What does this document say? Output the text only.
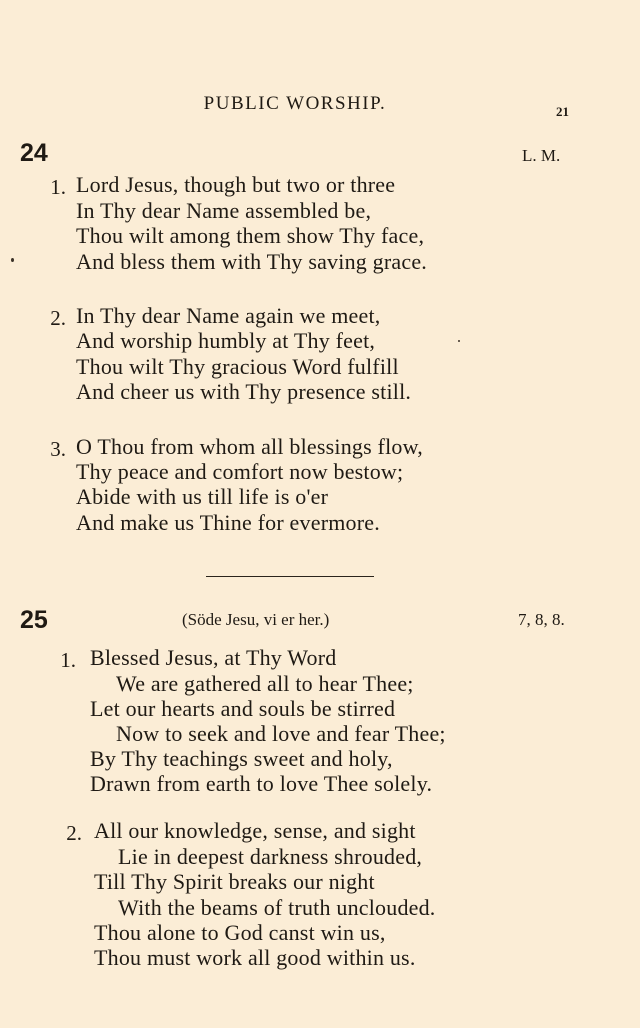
PUBLIC WORSHIP.	21
24	L. M.
1. Lord Jesus, though but two or three
In Thy dear Name assembled be,
Thou wilt among them show Thy face,
And bless them with Thy saving grace.
2. In Thy dear Name again we meet,
And worship humbly at Thy feet,
Thou wilt Thy gracious Word fulfill
And cheer us with Thy presence still.
3. O Thou from whom all blessings flow,
Thy peace and comfort now bestow;
Abide with us till life is o'er
And make us Thine for evermore.
25	(Söde Jesu, vi er her.)	7, 8, 8.
1. Blessed Jesus, at Thy Word
We are gathered all to hear Thee;
Let our hearts and souls be stirred
Now to seek and love and fear Thee;
By Thy teachings sweet and holy,
Drawn from earth to love Thee solely.
2. All our knowledge, sense, and sight
Lie in deepest darkness shrouded,
Till Thy Spirit breaks our night
With the beams of truth unclouded.
Thou alone to God canst win us,
Thou must work all good within us.
